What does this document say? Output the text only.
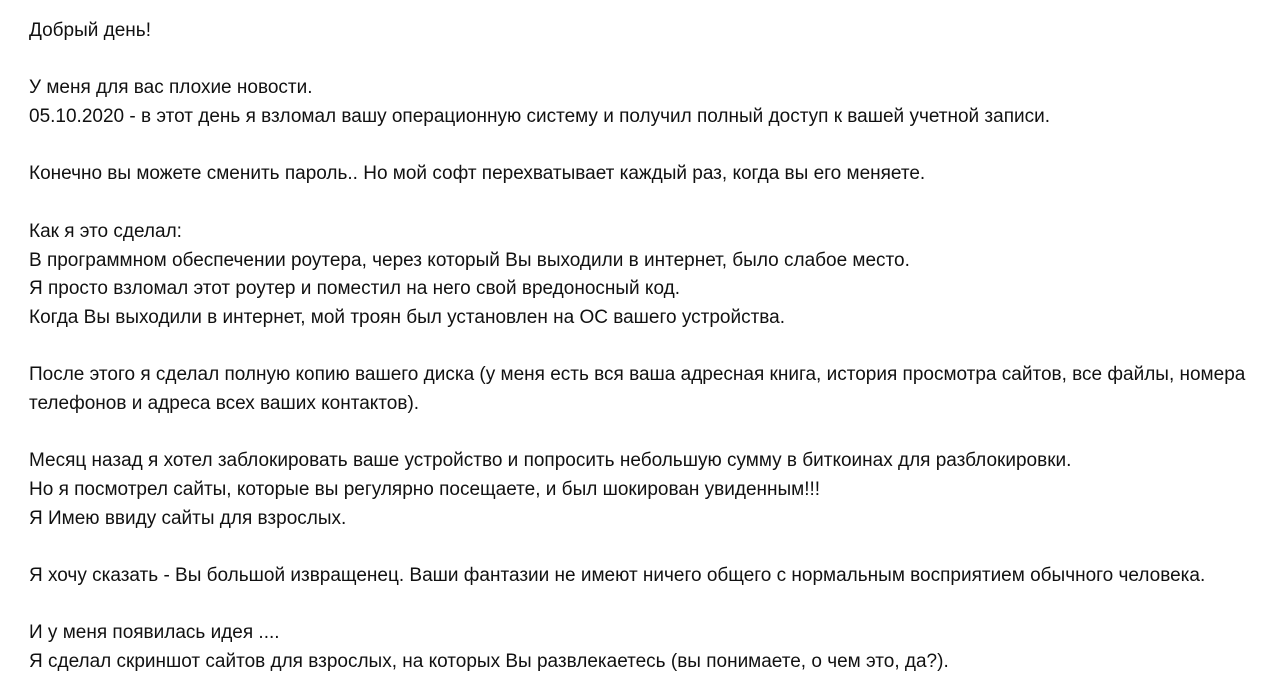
Добрый день!
У меня для вас плохие новости.
05.10.2020 - в этот день я взломал вашу операционную систему и получил полный доступ к вашей учетной записи.
Конечно вы можете сменить пароль.. Но мой софт перехватывает каждый раз, когда вы его меняете.
Как я это сделал:
В программном обеспечении роутера, через который Вы выходили в интернет, было слабое место.
Я просто взломал этот роутер и поместил на него свой вредоносный код.
Когда Вы выходили в интернет, мой троян был установлен на ОС вашего устройства.
После этого я сделал полную копию вашего диска (у меня есть вся ваша адресная книга, история просмотра сайтов, все файлы, номера
телефонов и адреса всех ваших контактов).
Месяц назад я хотел заблокировать ваше устройство и попросить небольшую сумму в биткоинах для разблокировки.
Но я посмотрел сайты, которые вы регулярно посещаете, и был шокирован увиденным!!!
Я Имею ввиду сайты для взрослых.
Я хочу сказать - Вы большой извращенец. Ваши фантазии не имеют ничего общего с нормальным восприятием обычного человека.
И у меня появилась идея ....
Я сделал скриншот сайтов для взрослых, на которых Вы развлекаетесь (вы понимаете, о чем это, да?).
